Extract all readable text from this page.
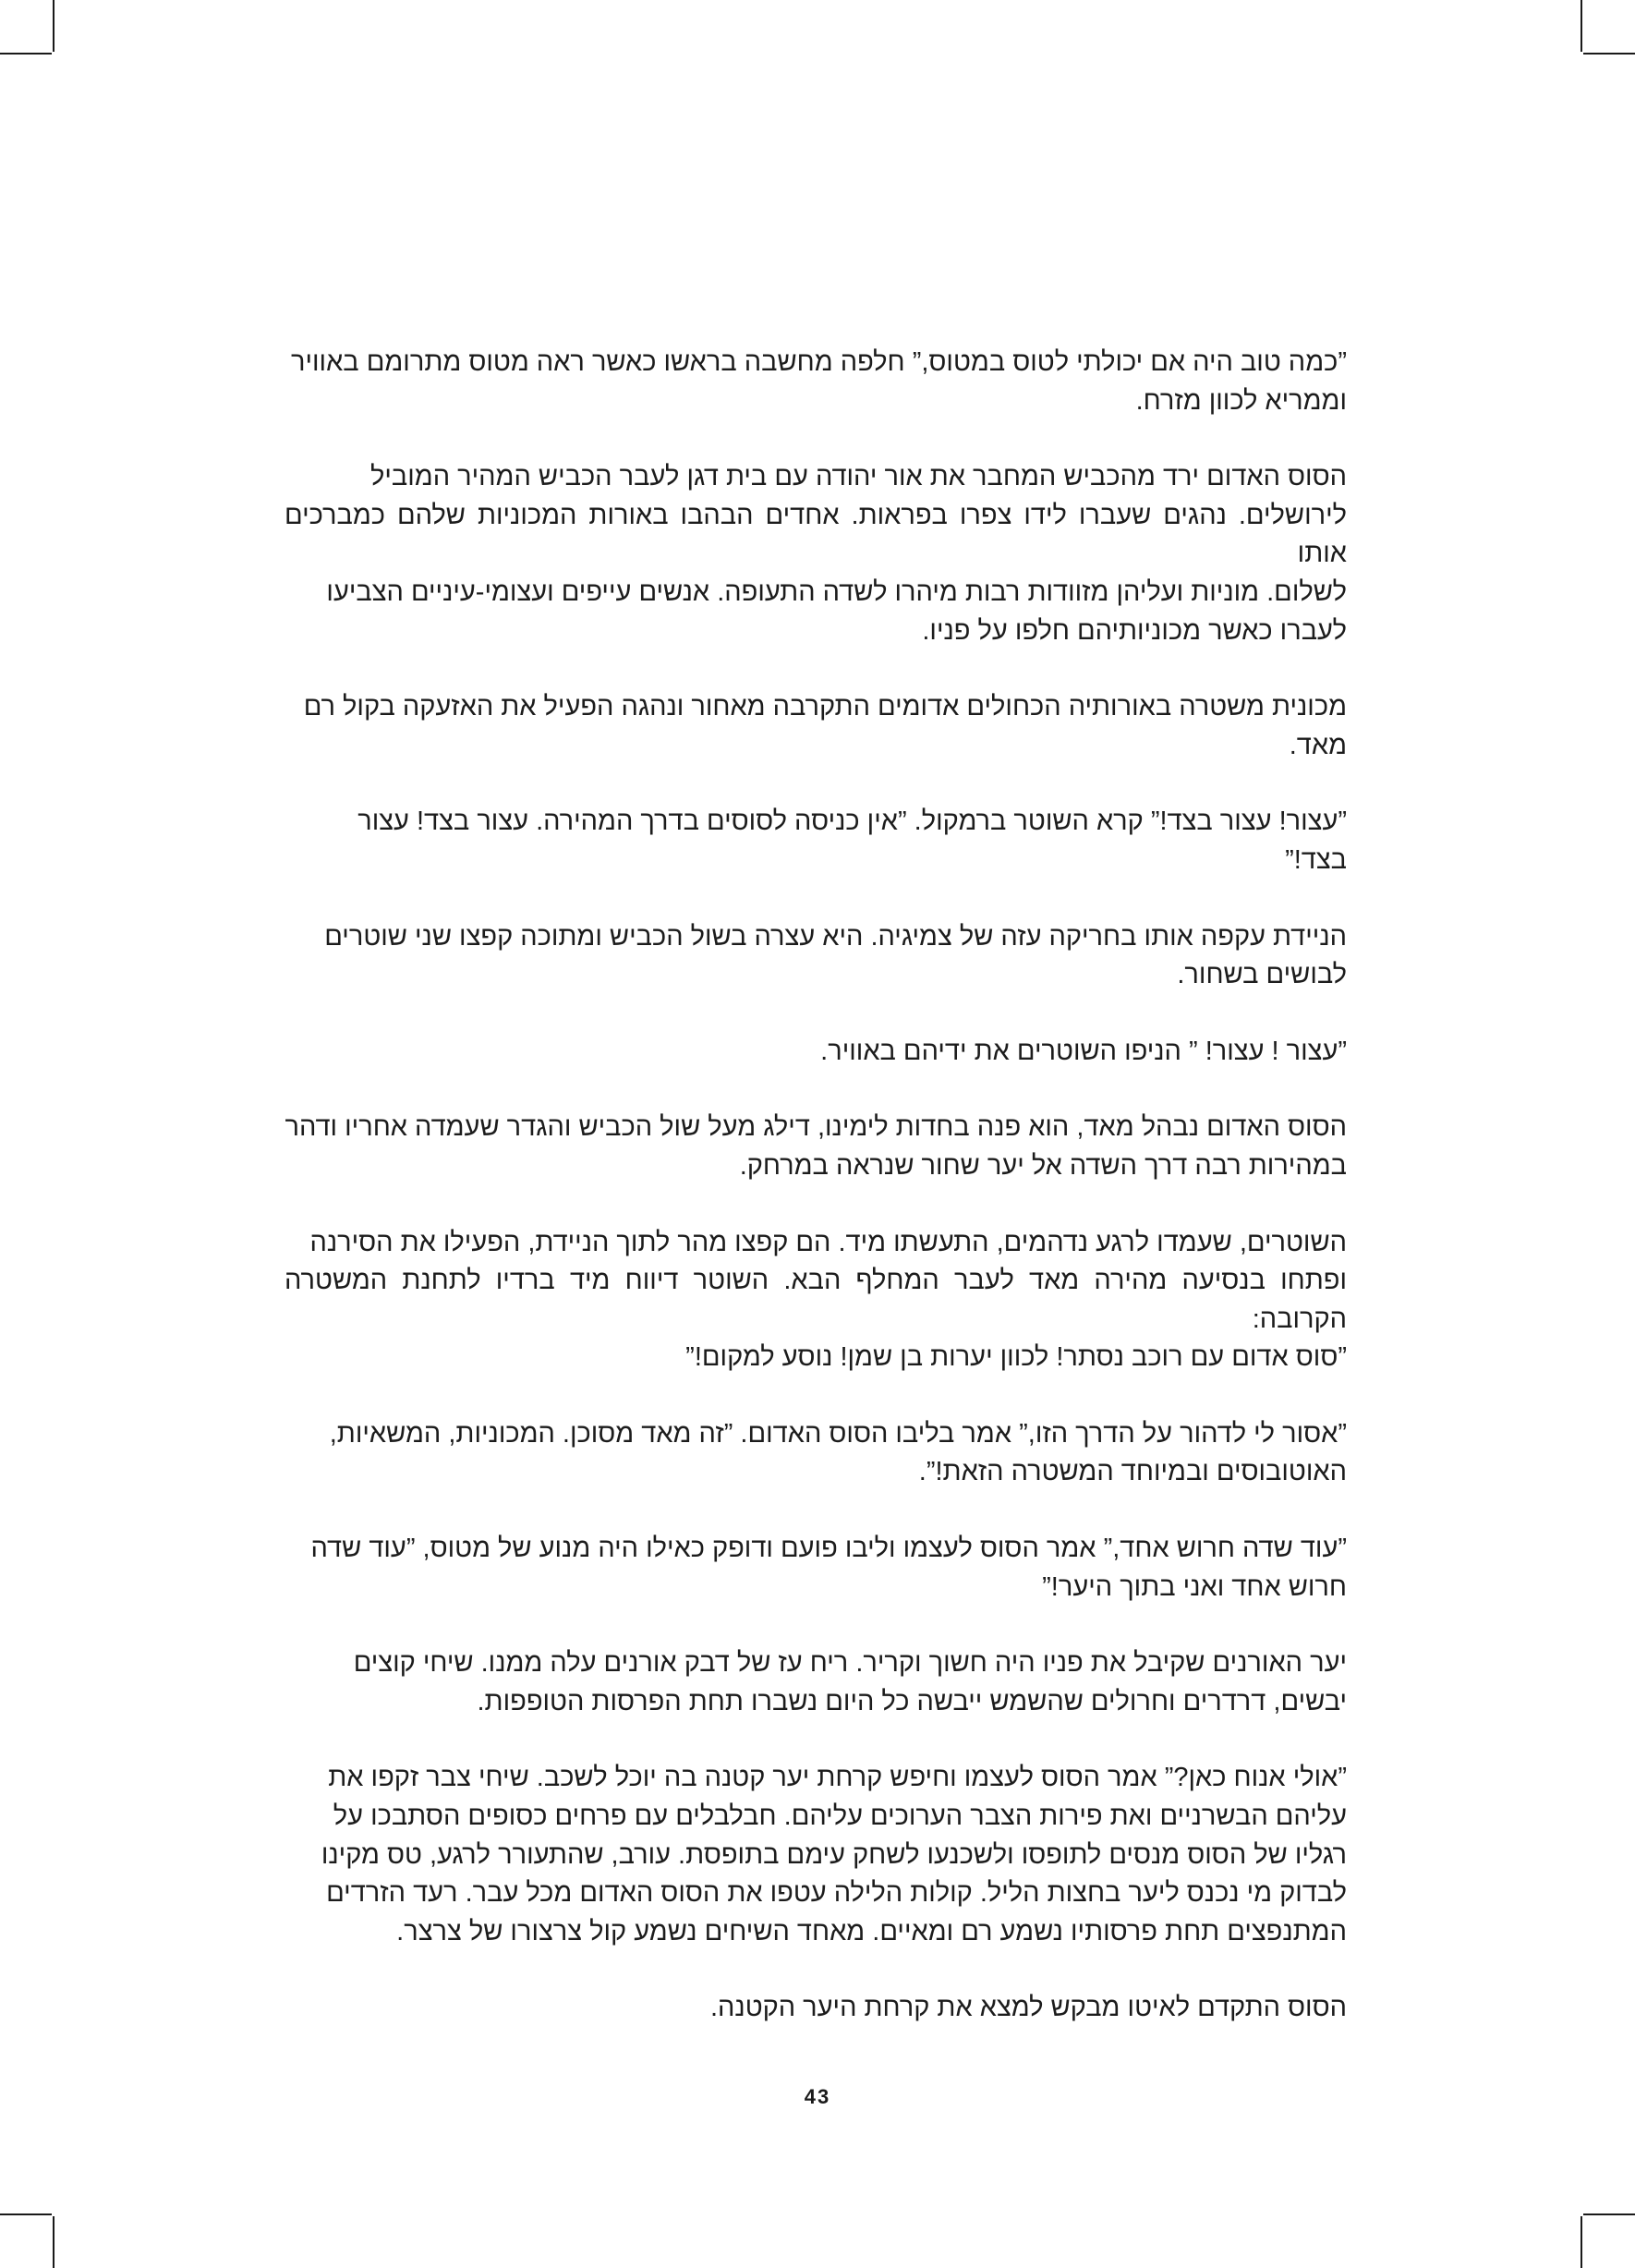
”כמה טוב היה אם יכולתי לטוס במטוס,” חלפה מחשבה בראשו כאשר ראה מטוס מתרומם באוויר
וממריא לכוון מזרח.

הסוס האדום ירד מהכביש המחבר את אור יהודה עם בית דגן לעבר הכביש המהיר המוביל
לירושלים. נהגים שעברו לידו צפרו בפראות. אחדים הבהבו באורות המכוניות שלהם כמברכים אותו
לשלום. מוניות ועליהן מזוודות רבות מיהרו לשדה התעופה. אנשים עייפים ועצומי-עיניים הצביעו
לעברו כאשר מכוניותיהם חלפו על פניו.

מכונית משטרה באורותיה הכחולים אדומים התקרבה מאחור ונהגה הפעיל את האזעקה בקול רם
מאד.

”עצור! עצור בצד!” קרא השוטר ברמקול. ”אין כניסה לסוסים בדרך המהירה. עצור בצד! עצור
בצד!”

הניידת עקפה אותו בחריקה עזה של צמיגיה. היא עצרה בשול הכביש ומתוכה קפצו שני שוטרים
לבושים בשחור.

”עצור ! עצור! ” הניפו השוטרים את ידיהם באוויר.

הסוס האדום נבהל מאד, הוא פנה בחדות לימינו, דילג מעל שול הכביש והגדר שעמדה אחריו ודהר
במהירות רבה דרך השדה אל יער שחור שנראה במרחק.

השוטרים, שעמדו לרגע נדהמים, התעשתו מיד. הם קפצו מהר לתוך הניידת, הפעילו את הסירנה
ופתחו בנסיעה מהירה מאד לעבר המחלף הבא. השוטר דיווח מיד ברדיו לתחנת המשטרה הקרובה:
”סוס אדום עם רוכב נסתר! לכוון יערות בן שמן! נוסע למקום!”

”אסור לי לדהור על הדרך הזו,” אמר בליבו הסוס האדום. ”זה מאד מסוכן. המכוניות, המשאיות,
האוטובוסים ובמיוחד המשטרה הזאת!”.

”עוד שדה חרוש אחד,” אמר הסוס לעצמו וליבו פועם ודופק כאילו היה מנוע של מטוס, ”עוד שדה
חרוש אחד ואני בתוך היער!”

יער האורנים שקיבל את פניו היה חשוך וקריר. ריח עז של דבק אורנים עלה ממנו. שיחי קוצים
יבשים, דרדרים וחרולים שהשמש ייבשה כל היום נשברו תחת הפרסות הטופפות.

”אולי אנוח כאן?” אמר הסוס לעצמו וחיפש קרחת יער קטנה בה יוכל לשכב. שיחי צבר זקפו את
עליהם הבשרניים ואת פירות הצבר הערוכים עליהם. חבלבלים עם פרחים כסופים הסתבכו על
רגליו של הסוס מנסים לתופסו ולשכנעו לשחק עימם בתופסת. עורב, שהתעורר לרגע, טס מקינו
לבדוק מי נכנס ליער בחצות הליל. קולות הלילה עטפו את הסוס האדום מכל עבר. רעד הזרדים
המתנפצים תחת פרסותיו נשמע רם ומאיים. מאחד השיחים נשמע קול צרצורו של צרצר.

הסוס התקדם לאיטו מבקש למצא את קרחת היער הקטנה.

43
